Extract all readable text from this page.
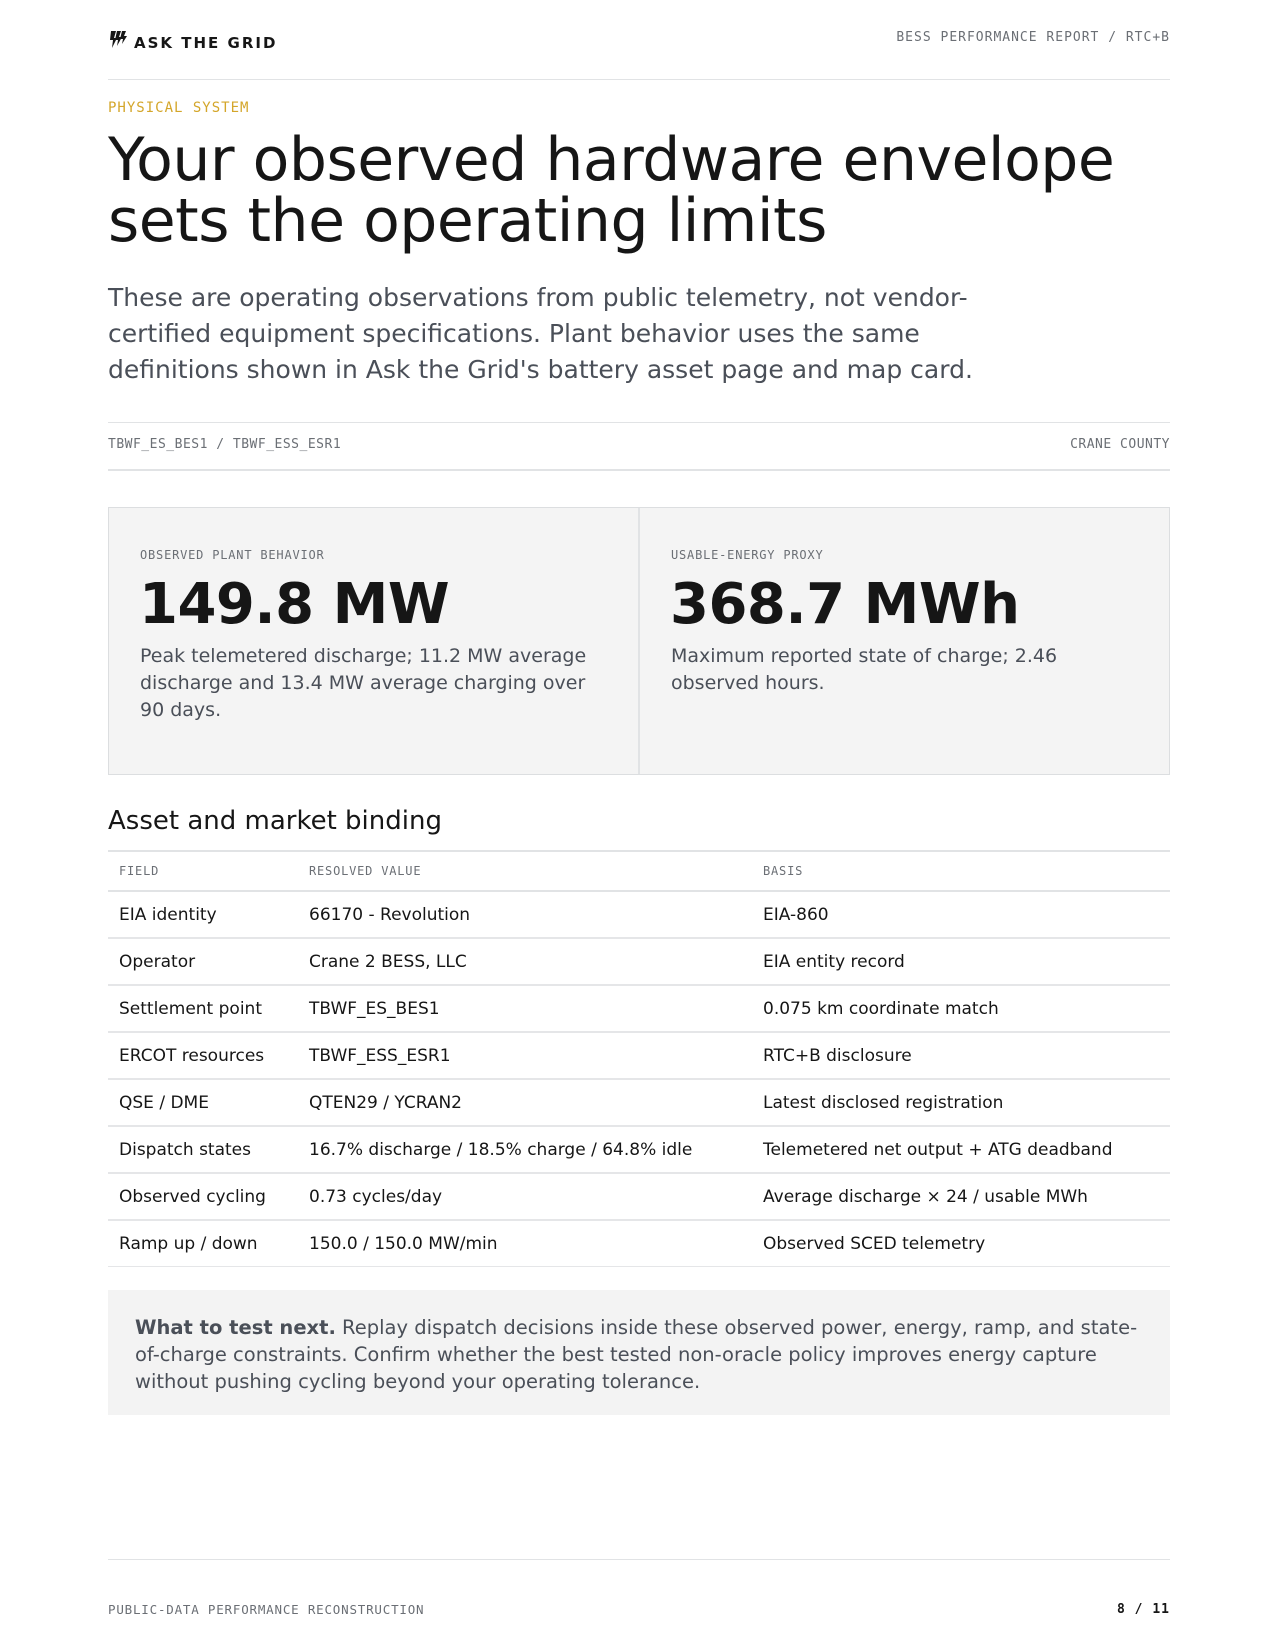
ASK THE GRID	BESS PERFORMANCE REPORT / RTC+B
PHYSICAL SYSTEM
Your observed hardware envelope sets the operating limits

These are operating observations from public telemetry, not vendor-certified equipment specifications. Plant behavior uses the same definitions shown in Ask the Grid's battery asset page and map card.

TBWF_ES_BES1 / TBWF_ESS_ESR1	CRANE COUNTY
OBSERVED PLANT BEHAVIOR
149.8 MW

Peak telemetered discharge; 11.2 MW average discharge and 13.4 MW average charging over 90 days.

USABLE-ENERGY PROXY
368.7 MWh

Maximum reported state of charge; 2.46 observed hours.

Asset and market binding
FIELD	RESOLVED VALUE	BASIS
EIA identity	66170 - Revolution	EIA-860
Operator	Crane 2 BESS, LLC	EIA entity record
Settlement point	TBWF_ES_BES1	0.075 km coordinate match
ERCOT resources	TBWF_ESS_ESR1	RTC+B disclosure
QSE / DME	QTEN29 / YCRAN2	Latest disclosed registration
Dispatch states	16.7% discharge / 18.5% charge / 64.8% idle	Telemetered net output + ATG deadband
Observed cycling	0.73 cycles/day	Average discharge × 24 / usable MWh
Ramp up / down	150.0 / 150.0 MW/min	Observed SCED telemetry

What to test next. Replay dispatch decisions inside these observed power, energy, ramp, and state-of-charge constraints. Confirm whether the best tested non-oracle policy improves energy capture without pushing cycling beyond your operating tolerance.

PUBLIC-DATA PERFORMANCE RECONSTRUCTION	8 / 11
